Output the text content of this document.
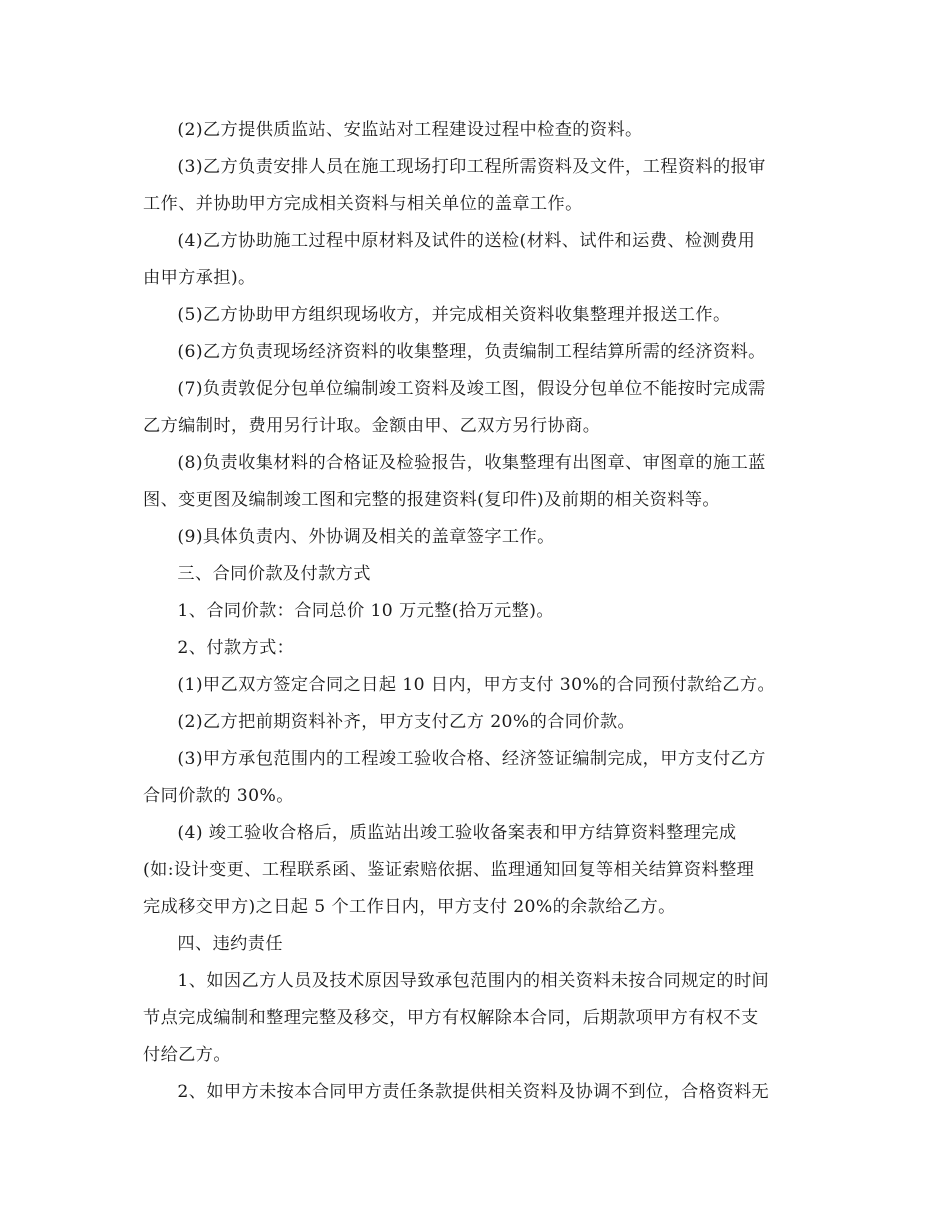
(2)乙方提供质监站、安监站对工程建设过程中检查的资料。

(3)乙方负责安排人员在施工现场打印工程所需资料及文件，工程资料的报审
工作、并协助甲方完成相关资料与相关单位的盖章工作。

(4)乙方协助施工过程中原材料及试件的送检(材料、试件和运费、检测费用
由甲方承担)。

(5)乙方协助甲方组织现场收方，并完成相关资料收集整理并报送工作。

(6)乙方负责现场经济资料的收集整理，负责编制工程结算所需的经济资料。

(7)负责敦促分包单位编制竣工资料及竣工图，假设分包单位不能按时完成需
乙方编制时，费用另行计取。金额由甲、乙双方另行协商。

(8)负责收集材料的合格证及检验报告，收集整理有出图章、审图章的施工蓝
图、变更图及编制竣工图和完整的报建资料(复印件)及前期的相关资料等。

(9)具体负责内、外协调及相关的盖章签字工作。

三、合同价款及付款方式

1、合同价款：合同总价 10 万元整(拾万元整)。

2、付款方式：

(1)甲乙双方签定合同之日起 10 日内，甲方支付 30%的合同预付款给乙方。

(2)乙方把前期资料补齐，甲方支付乙方 20%的合同价款。

(3)甲方承包范围内的工程竣工验收合格、经济签证编制完成，甲方支付乙方
合同价款的 30%。

(4) 竣工验收合格后，质监站出竣工验收备案表和甲方结算资料整理完成
(如:设计变更、工程联系函、鉴证索赔依据、监理通知回复等相关结算资料整理
完成移交甲方)之日起 5 个工作日内，甲方支付 20%的余款给乙方。

四、违约责任

1、如因乙方人员及技术原因导致承包范围内的相关资料未按合同规定的时间
节点完成编制和整理完整及移交，甲方有权解除本合同，后期款项甲方有权不支
付给乙方。

2、如甲方未按本合同甲方责任条款提供相关资料及协调不到位，合格资料无
